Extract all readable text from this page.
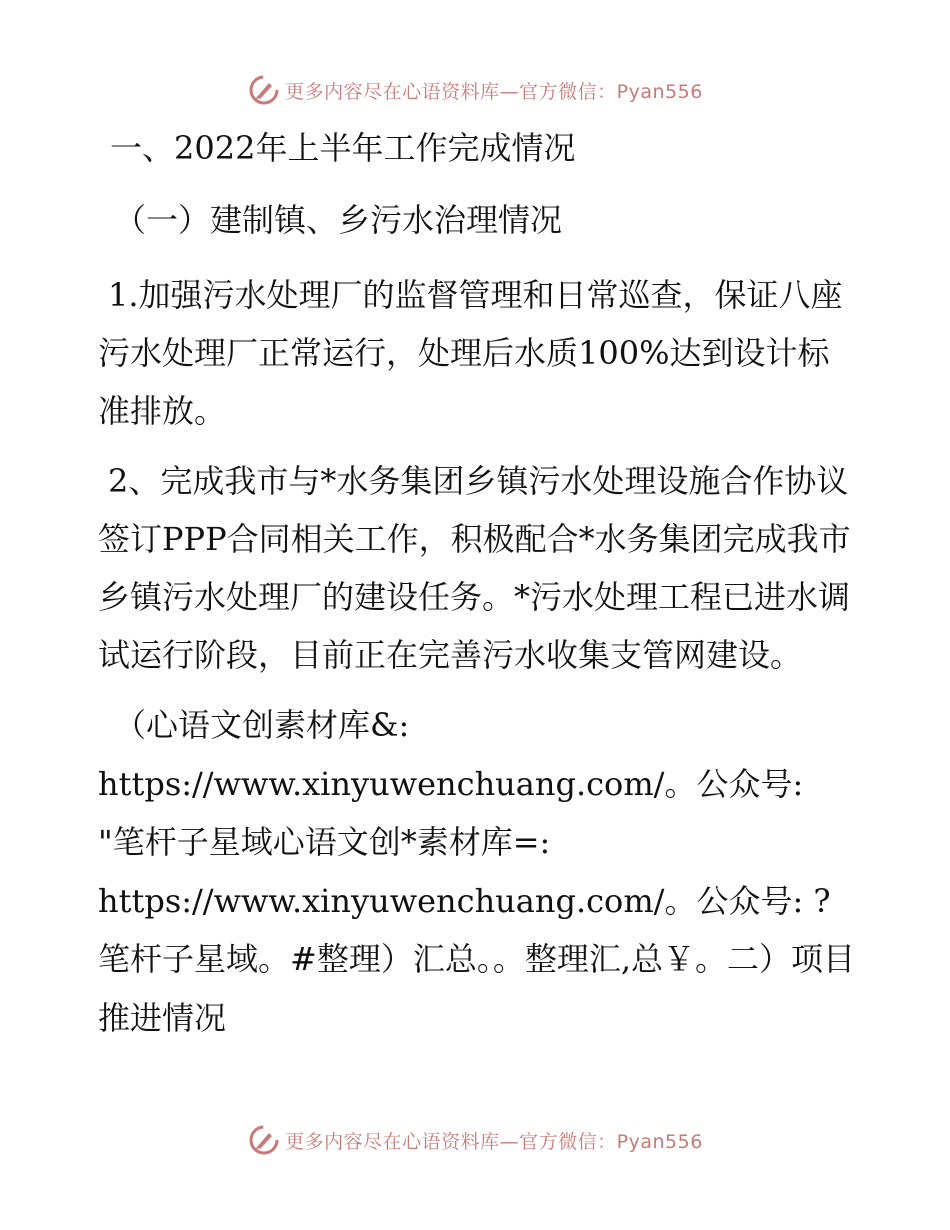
更多内容尽在心语资料库—官方微信：Pyan556

一、2022年上半年工作完成情况

（一）建制镇、乡污水治理情况

1.加强污水处理厂的监督管理和日常巡查，保证八座污水处理厂正常运行，处理后水质100%达到设计标准排放。

2、完成我市与*水务集团乡镇污水处理设施合作协议签订PPP合同相关工作，积极配合*水务集团完成我市乡镇污水处理厂的建设任务。*污水处理工程已进水调试运行阶段，目前正在完善污水收集支管网建设。

（心语文创素材库&: https://www.xinyuwenchuang.com/。公众号: "笔杆子星域心语文创*素材库=: https://www.xinyuwenchuang.com/。公众号: ?笔杆子星域。#整理）汇总。。整理汇,总￥。二）项目推进情况

更多内容尽在心语资料库—官方微信：Pyan556
